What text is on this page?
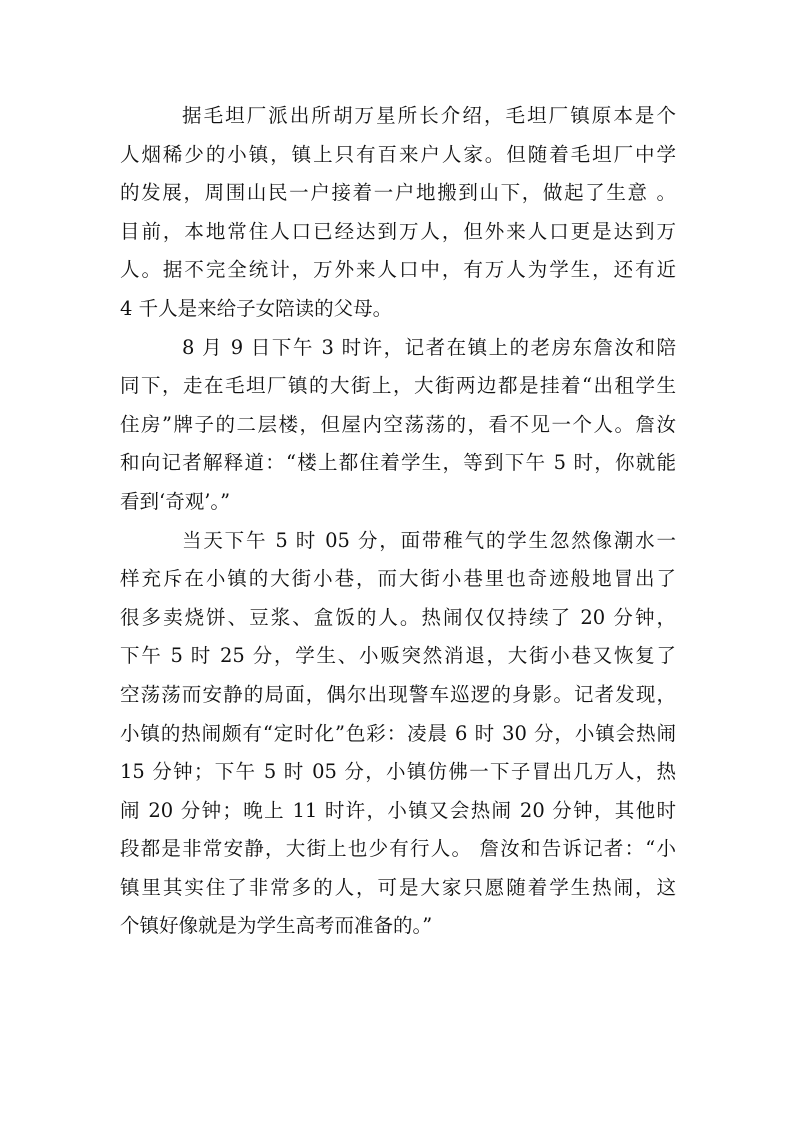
据毛坦厂派出所胡万星所长介绍，毛坦厂镇原本是个
人烟稀少的小镇，镇上只有百来户人家。但随着毛坦厂中学
的发展，周围山民一户接着一户地搬到山下，做起了生意 。
目前，本地常住人口已经达到万人，但外来人口更是达到万
人。据不完全统计，万外来人口中，有万人为学生，还有近
4 千人是来给子女陪读的父母。
8 月 9 日下午 3 时许，记者在镇上的老房东詹汝和陪
同下，走在毛坦厂镇的大街上，大街两边都是挂着“出租学生
住房”牌子的二层楼，但屋内空荡荡的，看不见一个人。詹汝
和向记者解释道：“楼上都住着学生，等到下午 5 时，你就能
看到‘奇观’。”
当天下午 5 时 05 分，面带稚气的学生忽然像潮水一
样充斥在小镇的大街小巷，而大街小巷里也奇迹般地冒出了
很多卖烧饼、豆浆、盒饭的人。热闹仅仅持续了 20 分钟，
下午 5 时 25 分，学生、小贩突然消退，大街小巷又恢复了
空荡荡而安静的局面，偶尔出现警车巡逻的身影。记者发现，
小镇的热闹颇有“定时化”色彩：凌晨 6 时 30 分，小镇会热闹
15 分钟；下午 5 时 05 分，小镇仿佛一下子冒出几万人，热
闹 20 分钟；晚上 11 时许，小镇又会热闹 20 分钟，其他时
段都是非常安静，大街上也少有行人。 詹汝和告诉记者：“小
镇里其实住了非常多的人，可是大家只愿随着学生热闹，这
个镇好像就是为学生高考而准备的。”
